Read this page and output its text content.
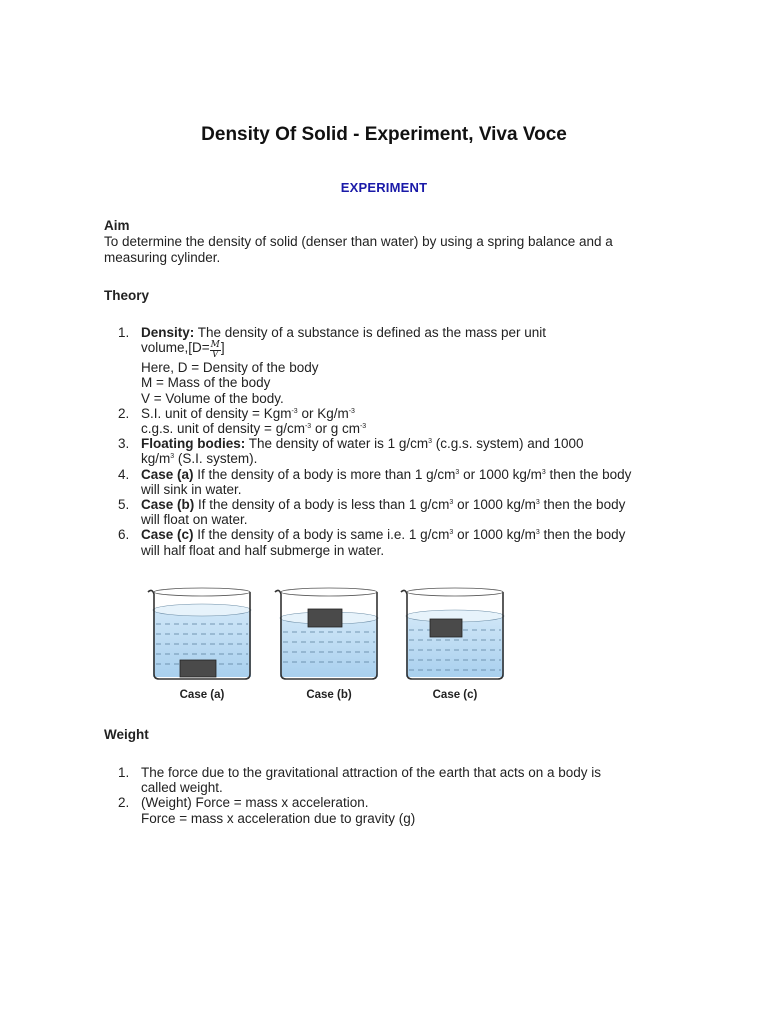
Density Of Solid - Experiment, Viva Voce
EXPERIMENT
Aim
To determine the density of solid (denser than water) by using a spring balance and a measuring cylinder.
Theory
1. Density: The density of a substance is defined as the mass per unit
volume,[D= $\frac{M}{V}$ ]
Here, D = Density of the body
M = Mass of the body
V = Volume of the body.
2. S.I. unit of density = Kgm$^{-3}$ or $Kg/m^{-3}$
c.g.s. unit of density = $g/cm^{-3}$ or g $cm^{-3}$
3. Floating bodies: The density of water is 1 $g/cm^3$ (c.g.s. system) and 1000
$kg/m^3$ (S.I. system).
4. Case (a) If the density of a body is more than 1 $g/cm^3$ or 1000 $kg/m^3$ then the body
will sink in water.
5. Case (b) If the density of a body is less than 1 $g/cm^3$ or 1000 $kg/m^3$ then the body
will float on water.
6. Case (c) If the density of a body is same i.e. 1 $g/cm^3$ or 1000 $kg/m^3$ then the body
will half float and half submerge in water.
Case (a)	Case (b)	Case (c)
Weight
1. The force due to the gravitational attraction of the earth that acts on a body is
called weight.
2. (Weight) Force = mass x acceleration.
Force = mass x acceleration due to gravity (g)
